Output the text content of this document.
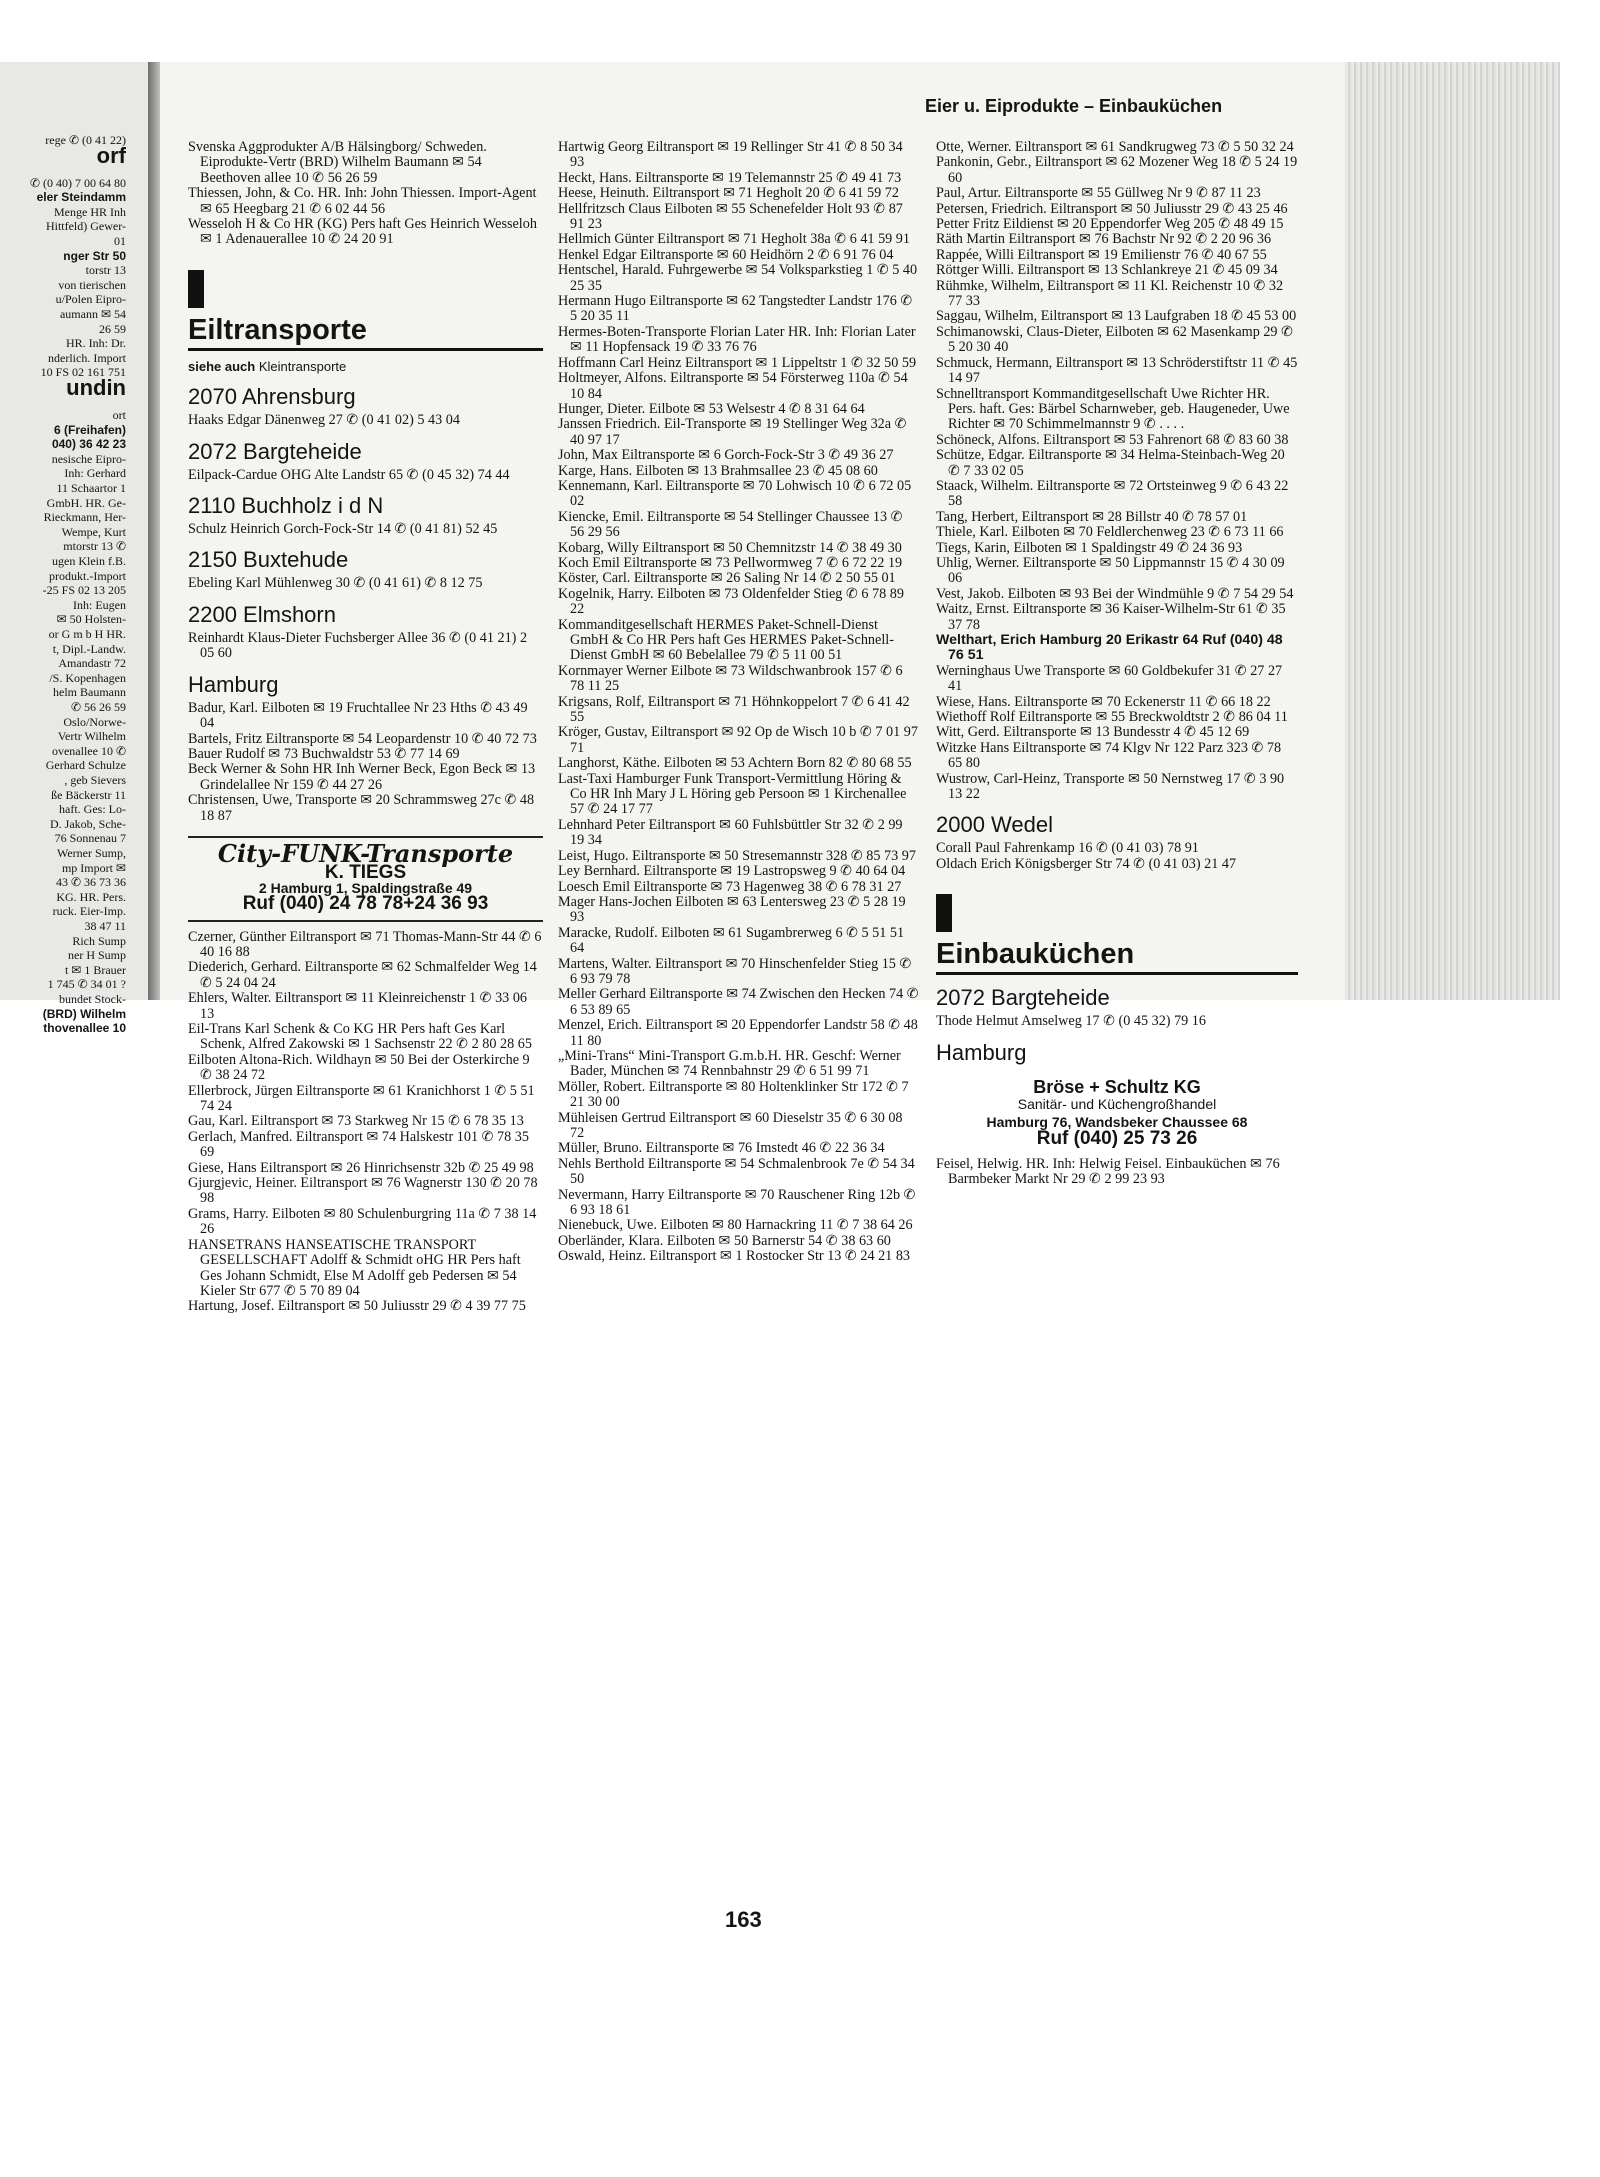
rege ✆ (0 41 22)
orf
✆ (0 40) 7 00 64 80
eler Steindamm
Menge HR Inh
Hittfeld) Gewer-
01
nger Str 50
torstr 13
von tierischen
u/Polen Eipro-
aumann ✉ 54
26 59
HR. Inh: Dr.
nderlich. Import
10 FS 02 161 751
undin
ort
6 (Freihafen)
040) 36 42 23
nesische Eipro-
Inh: Gerhard
11 Schaartor 1
GmbH. HR. Ge-
Rieckmann, Her-
Wempe, Kurt
mtorstr 13 ✆
ugen Klein f.B.
produkt.-Import
-25 FS 02 13 205
Inh: Eugen
✉ 50 Holsten-
or G m b H HR.
t, Dipl.-Landw.
Amandastr 72
/S. Kopenhagen
helm Baumann
✆ 56 26 59
Oslo/Norwe-
Vertr Wilhelm
ovenallee 10 ✆
Gerhard Schulze
, geb Sievers
ße Bäckerstr 11
haft. Ges: Lo-
D. Jakob, Sche-
76 Sonnenau 7
Werner Sump,
mp Import ✉
43 ✆ 36 73 36
KG. HR. Pers.
ruck. Eier-Imp.
38 47 11
Rich Sump
ner H Sump
t ✉ 1 Brauer
1 745 ✆ 34 01 ?
bundet Stock-
(BRD) Wilhelm
thovenallee 10
Eier u. Eiprodukte – Einbauküchen

Svenska Aggprodukter A/B Hälsingborg/ Schweden. Eiprodukte-Vertr (BRD) Wilhelm Baumann ✉ 54 Beethoven allee 10 ✆ 56 26 59

Thiessen, John, & Co. HR. Inh: John Thiessen. Import-Agent ✉ 65 Heegbarg 21 ✆ 6 02 44 56

Wesseloh H & Co HR (KG) Pers haft Ges Heinrich Wesseloh ✉ 1 Adenauerallee 10 ✆ 24 20 91

Eiltransporte

siehe auch Kleintransporte

2070 Ahrensburg

Haaks Edgar Dänenweg 27 ✆ (0 41 02) 5 43 04

2072 Bargteheide

Eilpack-Cardue OHG Alte Landstr 65 ✆ (0 45 32) 74 44

2110 Buchholz i d N

Schulz Heinrich Gorch-Fock-Str 14 ✆ (0 41 81) 52 45

2150 Buxtehude

Ebeling Karl Mühlenweg 30 ✆ (0 41 61) ✆ 8 12 75

2200 Elmshorn

Reinhardt Klaus-Dieter Fuchsberger Allee 36 ✆ (0 41 21) 2 05 60

Hamburg

Badur, Karl. Eilboten ✉ 19 Fruchtallee Nr 23 Hths ✆ 43 49 04

Bartels, Fritz Eiltransporte ✉ 54 Leopardenstr 10 ✆ 40 72 73

Bauer Rudolf ✉ 73 Buchwaldstr 53 ✆ 77 14 69

Beck Werner & Sohn HR Inh Werner Beck, Egon Beck ✉ 13 Grindelallee Nr 159 ✆ 44 27 26

Christensen, Uwe, Transporte ✉ 20 Schrammsweg 27c ✆ 48 18 87

City-FUNK-Transporte
K. TIEGS
2 Hamburg 1, Spaldingstraße 49
Ruf (040) 24 78 78+24 36 93

Czerner, Günther Eiltransport ✉ 71 Thomas-Mann-Str 44 ✆ 6 40 16 88

Diederich, Gerhard. Eiltransporte ✉ 62 Schmalfelder Weg 14 ✆ 5 24 04 24

Ehlers, Walter. Eiltransport ✉ 11 Kleinreichenstr 1 ✆ 33 06 13

Eil-Trans Karl Schenk & Co KG HR Pers haft Ges Karl Schenk, Alfred Zakowski ✉ 1 Sachsenstr 22 ✆ 2 80 28 65

Eilboten Altona-Rich. Wildhayn ✉ 50 Bei der Osterkirche 9 ✆ 38 24 72

Ellerbrock, Jürgen Eiltransporte ✉ 61 Kranichhorst 1 ✆ 5 51 74 24

Gau, Karl. Eiltransport ✉ 73 Starkweg Nr 15 ✆ 6 78 35 13

Gerlach, Manfred. Eiltransport ✉ 74 Halskestr 101 ✆ 78 35 69

Giese, Hans Eiltransport ✉ 26 Hinrichsenstr 32b ✆ 25 49 98

Gjurgjevic, Heiner. Eiltransport ✉ 76 Wagnerstr 130 ✆ 20 78 98

Grams, Harry. Eilboten ✉ 80 Schulenburgring 11a ✆ 7 38 14 26

HANSETRANS HANSEATISCHE TRANSPORT GESELLSCHAFT Adolff & Schmidt oHG HR Pers haft Ges Johann Schmidt, Else M Adolff geb Pedersen ✉ 54 Kieler Str 677 ✆ 5 70 89 04

Hartung, Josef. Eiltransport ✉ 50 Juliusstr 29 ✆ 4 39 77 75

Hartwig Georg Eiltransport ✉ 19 Rellinger Str 41 ✆ 8 50 34 93

Heckt, Hans. Eiltransporte ✉ 19 Telemannstr 25 ✆ 49 41 73

Heese, Heinuth. Eiltransport ✉ 71 Hegholt 20 ✆ 6 41 59 72

Hellfritzsch Claus Eilboten ✉ 55 Schenefelder Holt 93 ✆ 87 91 23

Hellmich Günter Eiltransport ✉ 71 Hegholt 38a ✆ 6 41 59 91

Henkel Edgar Eiltransporte ✉ 60 Heidhörn 2 ✆ 6 91 76 04

Hentschel, Harald. Fuhrgewerbe ✉ 54 Volksparkstieg 1 ✆ 5 40 25 35

Hermann Hugo Eiltransporte ✉ 62 Tangstedter Landstr 176 ✆ 5 20 35 11

Hermes-Boten-Transporte Florian Later HR. Inh: Florian Later ✉ 11 Hopfensack 19 ✆ 33 76 76

Hoffmann Carl Heinz Eiltransport ✉ 1 Lippeltstr 1 ✆ 32 50 59

Holtmeyer, Alfons. Eiltransporte ✉ 54 Försterweg 110a ✆ 54 10 84

Hunger, Dieter. Eilbote ✉ 53 Welsestr 4 ✆ 8 31 64 64

Janssen Friedrich. Eil-Transporte ✉ 19 Stellinger Weg 32a ✆ 40 97 17

John, Max Eiltransporte ✉ 6 Gorch-Fock-Str 3 ✆ 49 36 27

Karge, Hans. Eilboten ✉ 13 Brahmsallee 23 ✆ 45 08 60

Kennemann, Karl. Eiltransporte ✉ 70 Lohwisch 10 ✆ 6 72 05 02

Kiencke, Emil. Eiltransporte ✉ 54 Stellinger Chaussee 13 ✆ 56 29 56

Kobarg, Willy Eiltransport ✉ 50 Chemnitzstr 14 ✆ 38 49 30

Koch Emil Eiltransporte ✉ 73 Pellwormweg 7 ✆ 6 72 22 19

Köster, Carl. Eiltransporte ✉ 26 Saling Nr 14 ✆ 2 50 55 01

Kogelnik, Harry. Eilboten ✉ 73 Oldenfelder Stieg ✆ 6 78 89 22

Kommanditgesellschaft HERMES Paket-Schnell-Dienst GmbH & Co HR Pers haft Ges HERMES Paket-Schnell-Dienst GmbH ✉ 60 Bebelallee 79 ✆ 5 11 00 51

Kornmayer Werner Eilbote ✉ 73 Wildschwanbrook 157 ✆ 6 78 11 25

Krigsans, Rolf, Eiltransport ✉ 71 Höhnkoppelort 7 ✆ 6 41 42 55

Kröger, Gustav, Eiltransport ✉ 92 Op de Wisch 10 b ✆ 7 01 97 71

Langhorst, Käthe. Eilboten ✉ 53 Achtern Born 82 ✆ 80 68 55

Last-Taxi Hamburger Funk Transport-Vermittlung Höring & Co HR Inh Mary J L Höring geb Persoon ✉ 1 Kirchenallee 57 ✆ 24 17 77

Lehnhard Peter Eiltransport ✉ 60 Fuhlsbüttler Str 32 ✆ 2 99 19 34

Leist, Hugo. Eiltransporte ✉ 50 Stresemannstr 328 ✆ 85 73 97

Ley Bernhard. Eiltransporte ✉ 19 Lastropsweg 9 ✆ 40 64 04

Loesch Emil Eiltransporte ✉ 73 Hagenweg 38 ✆ 6 78 31 27

Mager Hans-Jochen Eilboten ✉ 63 Lentersweg 23 ✆ 5 28 19 93

Maracke, Rudolf. Eilboten ✉ 61 Sugambrerweg 6 ✆ 5 51 51 64

Martens, Walter. Eiltransport ✉ 70 Hinschenfelder Stieg 15 ✆ 6 93 79 78

Meller Gerhard Eiltransporte ✉ 74 Zwischen den Hecken 74 ✆ 6 53 89 65

Menzel, Erich. Eiltransport ✉ 20 Eppendorfer Landstr 58 ✆ 48 11 80

„Mini-Trans“ Mini-Transport G.m.b.H. HR. Geschf: Werner Bader, München ✉ 74 Rennbahnstr 29 ✆ 6 51 99 71

Möller, Robert. Eiltransporte ✉ 80 Holtenklinker Str 172 ✆ 7 21 30 00

Mühleisen Gertrud Eiltransport ✉ 60 Dieselstr 35 ✆ 6 30 08 72

Müller, Bruno. Eiltransporte ✉ 76 Imstedt 46 ✆ 22 36 34

Nehls Berthold Eiltransporte ✉ 54 Schmalenbrook 7e ✆ 54 34 50

Nevermann, Harry Eiltransporte ✉ 70 Rauschener Ring 12b ✆ 6 93 18 61

Nienebuck, Uwe. Eilboten ✉ 80 Harnackring 11 ✆ 7 38 64 26

Oberländer, Klara. Eilboten ✉ 50 Barnerstr 54 ✆ 38 63 60

Oswald, Heinz. Eiltransport ✉ 1 Rostocker Str 13 ✆ 24 21 83

Otte, Werner. Eiltransport ✉ 61 Sandkrugweg 73 ✆ 5 50 32 24

Pankonin, Gebr., Eiltransport ✉ 62 Mozener Weg 18 ✆ 5 24 19 60

Paul, Artur. Eiltransporte ✉ 55 Güllweg Nr 9 ✆ 87 11 23

Petersen, Friedrich. Eiltransport ✉ 50 Juliusstr 29 ✆ 43 25 46

Petter Fritz Eildienst ✉ 20 Eppendorfer Weg 205 ✆ 48 49 15

Räth Martin Eiltransport ✉ 76 Bachstr Nr 92 ✆ 2 20 96 36

Rappée, Willi Eiltransport ✉ 19 Emilienstr 76 ✆ 40 67 55

Röttger Willi. Eiltransport ✉ 13 Schlankreye 21 ✆ 45 09 34

Rühmke, Wilhelm, Eiltransport ✉ 11 Kl. Reichenstr 10 ✆ 32 77 33

Saggau, Wilhelm, Eiltransport ✉ 13 Laufgraben 18 ✆ 45 53 00

Schimanowski, Claus-Dieter, Eilboten ✉ 62 Masenkamp 29 ✆ 5 20 30 40

Schmuck, Hermann, Eiltransport ✉ 13 Schröderstiftstr 11 ✆ 45 14 97

Schnelltransport Kommanditgesellschaft Uwe Richter HR. Pers. haft. Ges: Bärbel Scharnweber, geb. Haugeneder, Uwe Richter ✉ 70 Schimmelmannstr 9 ✆ . . . .

Schöneck, Alfons. Eiltransport ✉ 53 Fahrenort 68 ✆ 83 60 38

Schütze, Edgar. Eiltransporte ✉ 34 Helma-Steinbach-Weg 20 ✆ 7 33 02 05

Staack, Wilhelm. Eiltransporte ✉ 72 Ortsteinweg 9 ✆ 6 43 22 58

Tang, Herbert, Eiltransport ✉ 28 Billstr 40 ✆ 78 57 01

Thiele, Karl. Eilboten ✉ 70 Feldlerchenweg 23 ✆ 6 73 11 66

Tiegs, Karin, Eilboten ✉ 1 Spaldingstr 49 ✆ 24 36 93

Uhlig, Werner. Eiltransporte ✉ 50 Lippmannstr 15 ✆ 4 30 09 06

Vest, Jakob. Eilboten ✉ 93 Bei der Windmühle 9 ✆ 7 54 29 54

Waitz, Ernst. Eiltransporte ✉ 36 Kaiser-Wilhelm-Str 61 ✆ 35 37 78

Welthart, Erich Hamburg 20 Erikastr 64 Ruf (040) 48 76 51

Werninghaus Uwe Transporte ✉ 60 Goldbekufer 31 ✆ 27 27 41

Wiese, Hans. Eiltransporte ✉ 70 Eckenerstr 11 ✆ 66 18 22

Wiethoff Rolf Eiltransporte ✉ 55 Breckwoldtstr 2 ✆ 86 04 11

Witt, Gerd. Eiltransporte ✉ 13 Bundesstr 4 ✆ 45 12 69

Witzke Hans Eiltransporte ✉ 74 Klgv Nr 122 Parz 323 ✆ 78 65 80

Wustrow, Carl-Heinz, Transporte ✉ 50 Nernstweg 17 ✆ 3 90 13 22

2000 Wedel

Corall Paul Fahrenkamp 16 ✆ (0 41 03) 78 91

Oldach Erich Königsberger Str 74 ✆ (0 41 03) 21 47

Einbauküchen

2072 Bargteheide

Thode Helmut Amselweg 17 ✆ (0 45 32) 79 16

Hamburg
Bröse + Schultz KG
Sanitär- und Küchengroßhandel
Hamburg 76, Wandsbeker Chaussee 68
Ruf (040) 25 73 26

Feisel, Helwig. HR. Inh: Helwig Feisel. Einbauküchen ✉ 76 Barmbeker Markt Nr 29 ✆ 2 99 23 93

163
